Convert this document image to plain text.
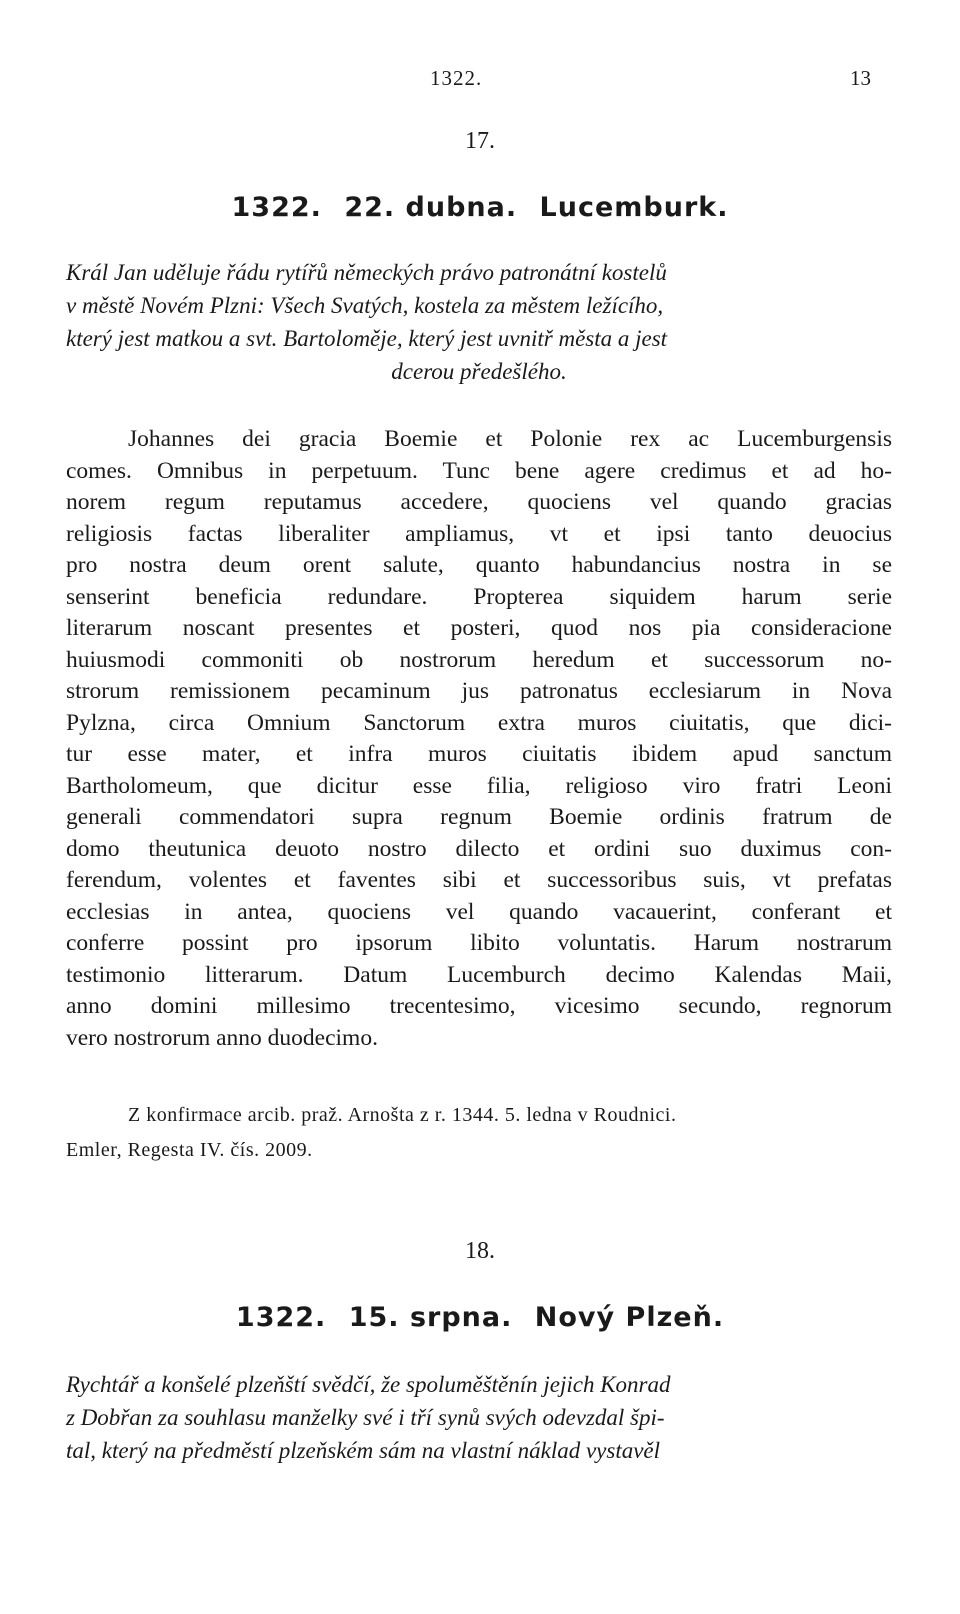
1322.	13
17.
1322. 22. dubna. Lucemburk.
Král Jan uděluje řádu rytířů německých právo patronátní kostelů
v městě Novém Plzni: Všech Svatých, kostela za městem ležícího,
který jest matkou a svt. Bartoloměje, který jest uvnitř města a jest
dcerou předešlého.
Johannes dei gracia Boemie et Polonie rex ac Lucemburgensis
comes. Omnibus in perpetuum. Tunc bene agere credimus et ad ho-
norem regum reputamus accedere, quociens vel quando gracias
religiosis factas liberaliter ampliamus, vt et ipsi tanto deuocius
pro nostra deum orent salute, quanto habundancius nostra in se
senserint beneficia redundare. Propterea siquidem harum serie
literarum noscant presentes et posteri, quod nos pia consideracione
huiusmodi commoniti ob nostrorum heredum et successorum no-
strorum remissionem pecaminum jus patronatus ecclesiarum in Nova
Pylzna, circa Omnium Sanctorum extra muros ciuitatis, que dici-
tur esse mater, et infra muros ciuitatis ibidem apud sanctum
Bartholomeum, que dicitur esse filia, religioso viro fratri Leoni
generali commendatori supra regnum Boemie ordinis fratrum de
domo theutunica deuoto nostro dilecto et ordini suo duximus con-
ferendum, volentes et faventes sibi et successoribus suis, vt prefatas
ecclesias in antea, quociens vel quando vacauerint, conferant et
conferre possint pro ipsorum libito voluntatis. Harum nostrarum
testimonio litterarum. Datum Lucemburch decimo Kalendas Maii,
anno domini millesimo trecentesimo, vicesimo secundo, regnorum
vero nostrorum anno duodecimo.
Z konfirmace arcib. praž. Arnošta z r. 1344. 5. ledna v Roudnici.
Emler, Regesta IV. čís. 2009.
18.
1322. 15. srpna. Nový Plzeň.
Rychtář a konšelé plzeňští svědčí, že spoluměštěnín jejich Konrad
z Dobřan za souhlasu manželky své i tří synů svých odevzdal špi-
tal, který na předměstí plzeňském sám na vlastní náklad vystavěl
